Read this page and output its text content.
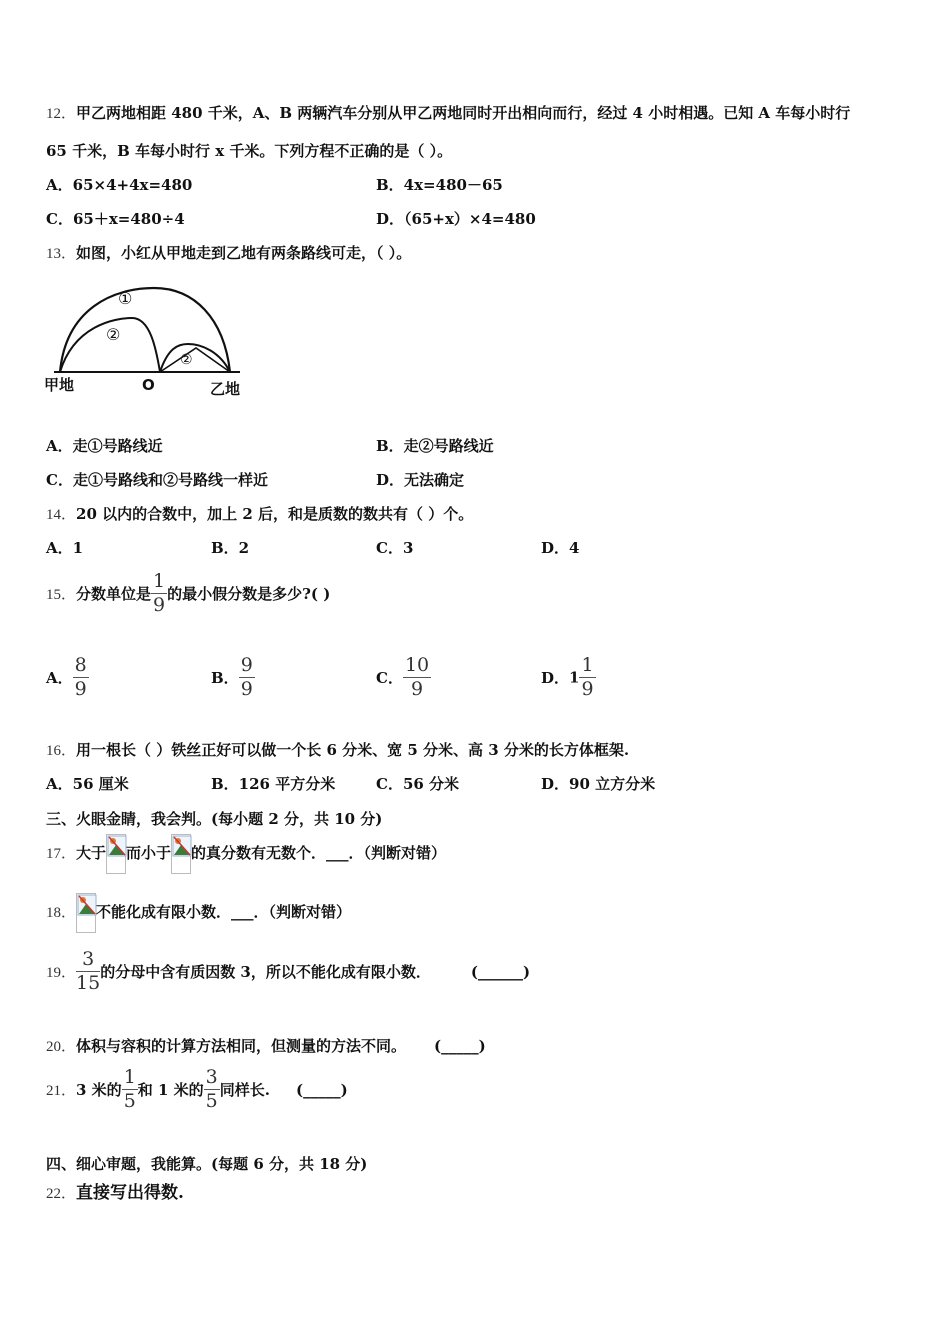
12．甲乙两地相距 480 千米，A、B 两辆汽车分别从甲乙两地同时开出相向而行，经过 4 小时相遇。已知 A 车每小时行
65 千米，B 车每小时行 x 千米。下列方程不正确的是（ ）。
A．65×4+4x=480	B．4x=480－65
C．65＋x=480÷4	D．（65+x）×4=480
13．如图，小红从甲地走到乙地有两条路线可走，（ ）。
①
②
②
甲地	O	乙地
A．走①号路线近	B．走②号路线近
C．走①号路线和②号路线一样近	D．无法确定
14．20 以内的合数中，加上 2 后，和是质数的数共有（ ）个。
A．1	B．2	C．3	D．4
15．分数单位是 $\frac{1}{9}$ 的最小假分数是多少?( )
A． $\frac{8}{9}$	B． $\frac{9}{9}$	C． $\frac{10}{9}$	D．$1 \frac{1}{9}$
16．用一根长（ ）铁丝正好可以做一个长 6 分米、宽 5 分米、高 3 分米的长方体框架.
A．56 厘米	B．126 平方分米	C．56 分米	D．90 立方分米
三、火眼金睛，我会判。(每小题 2 分，共 10 分)
17．大于 而小于 的真分数有无数个．___．（判断对错）
18． 不能化成有限小数．___．（判断对错）
19． $\frac{3}{15}$ 的分母中含有质因数 3，所以不能化成有限小数．	(______)
20．体积与容积的计算方法相同，但测量的方法不同。 (_____)
21．3 米的 $\frac{1}{5}$ 和 1 米的 $\frac{3}{5}$ 同样长. (_____)
四、细心审题，我能算。(每题 6 分，共 18 分)
22．直接写出得数.
